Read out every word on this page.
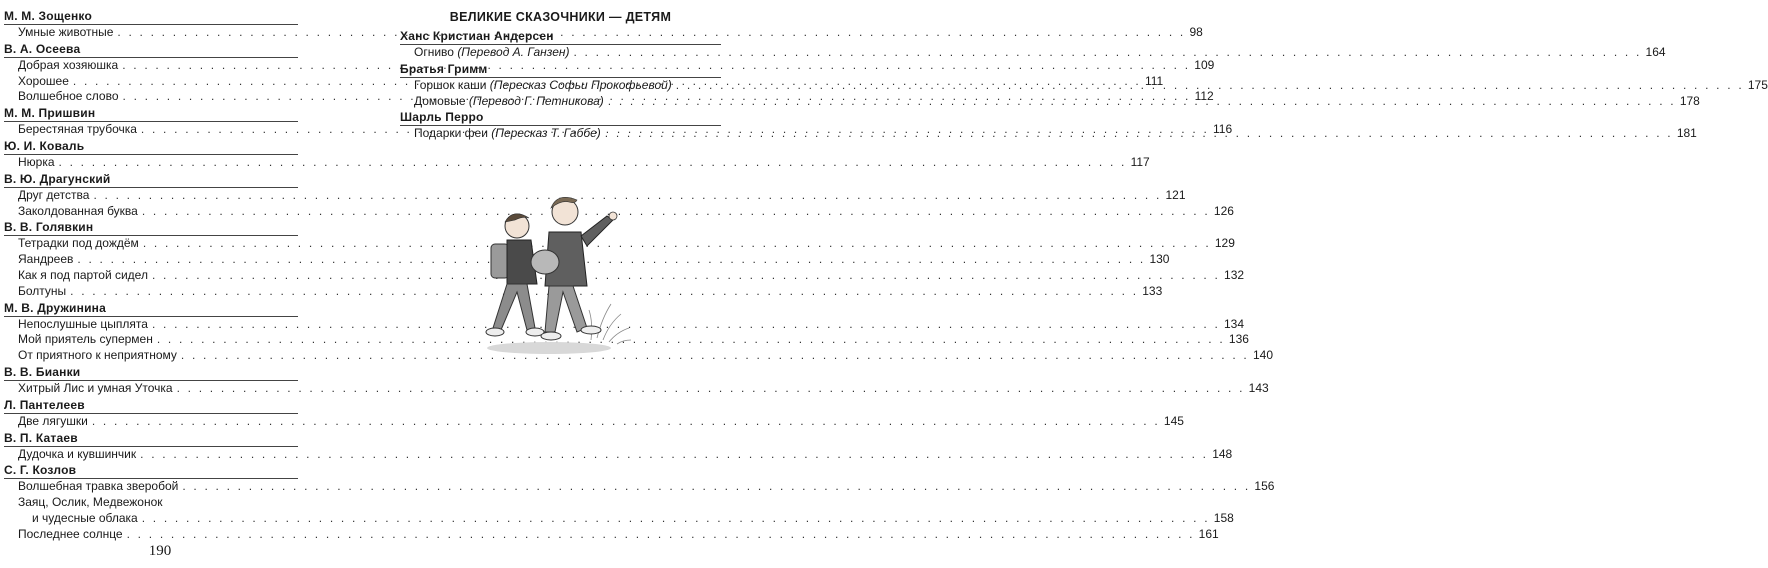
М. М. Зощенко
Умные животные . . .	98
В. А. Осеева
Добрая хозяюшка . . .	109
Хорошее . . .	111
Волшебное слово . . .	112
М. М. Пришвин
Берестяная трубочка . . .	116
Ю. И. Коваль
Нюрка . . .	117
В. Ю. Драгунский
Друг детства . . .	121
Заколдованная буква . . .	126
В. В. Голявкин
Тетрадки под дождём . . .	129
Яандреев . . .	130
Как я под партой сидел . . .	132
Болтуны . . .	133
М. В. Дружинина
Непослушные цыплята . . .	134
Мой приятель супермен . . .	136
От приятного к неприятному . . .	140
В. В. Бианки
Хитрый Лис и умная Уточка . . .	143
Л. Пантелеев
Две лягушки . . .	145
В. П. Катаев
Дудочка и кувшинчик . . .	148
С. Г. Козлов
Волшебная травка зверобой . . .	156
Заяц, Ослик, Медвежонок
и чудесные облака . . .	158
Последнее солнце . . .	161
190
ВЕЛИКИЕ СКАЗОЧНИКИ — ДЕТЯМ
Ханс Кристиан Андерсен
Огниво (Перевод А. Ганзен) . . .	164
Братья Гримм
Горшок каши (Пересказ Софьи Прокофьевой) . . .	175
Домовые (Перевод Г. Петникова) . . .	178
Шарль Перро
Подарки феи (Пересказ Т. Габбе) . . .	181
